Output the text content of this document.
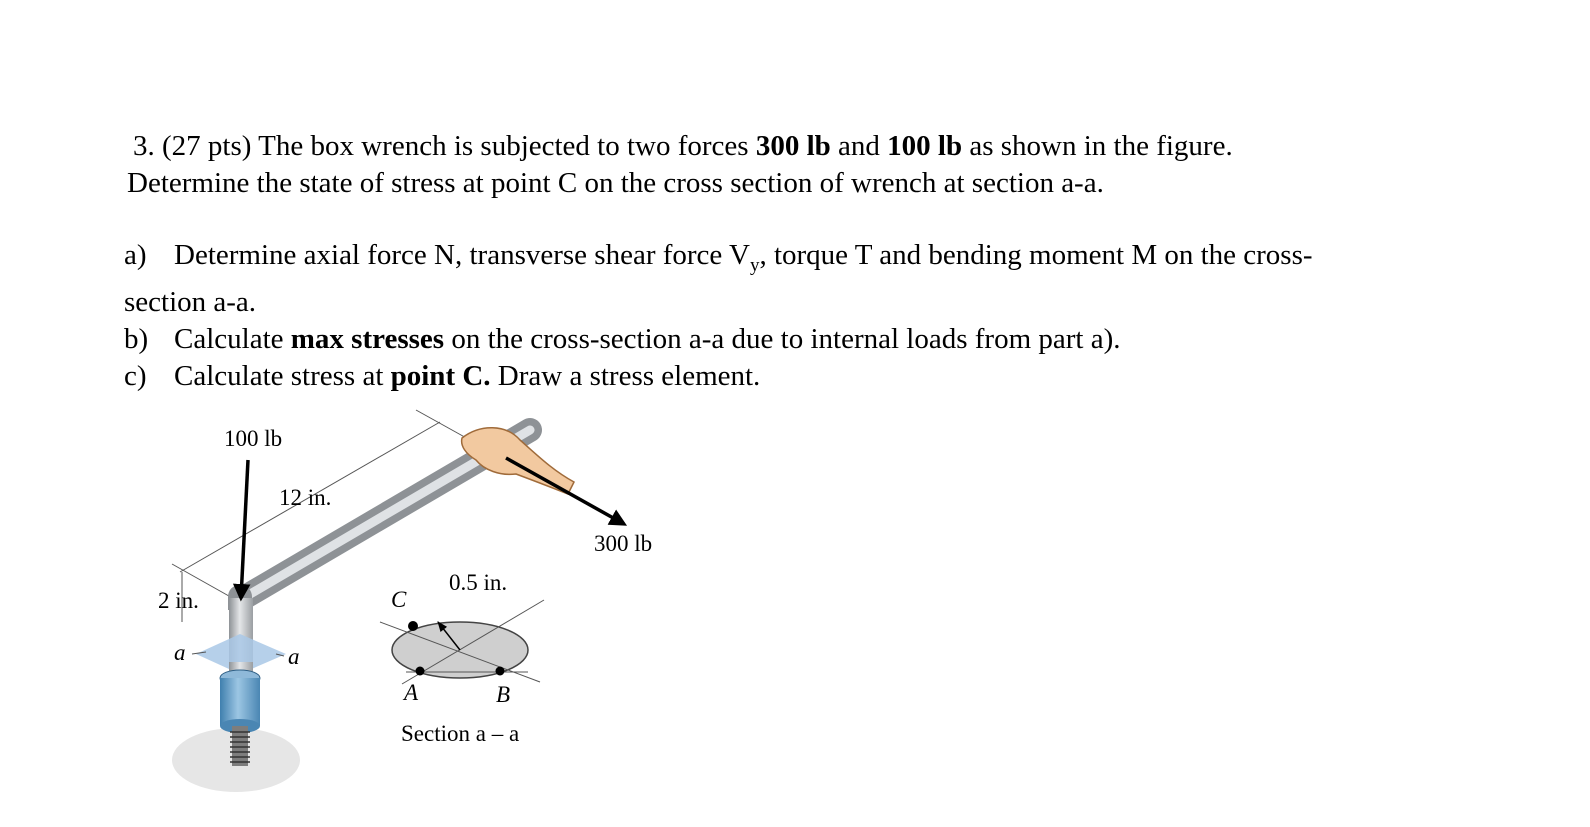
3. (27 pts) The box wrench is subjected to two forces 300 lb and 100 lb as shown in the figure.

Determine the state of stress at point C on the cross section of wrench at section a-a.

a) Determine axial force N, transverse shear force $V_y$, torque T and bending moment M on the cross-
section a-a.
b) Calculate max stresses on the cross-section a-a due to internal loads from part a).
c) Calculate stress at point C. Draw a stress element.
100 lb
12 in.
300 lb
2 in.
a	a
C
0.5 in.
A	B
Section a – a
